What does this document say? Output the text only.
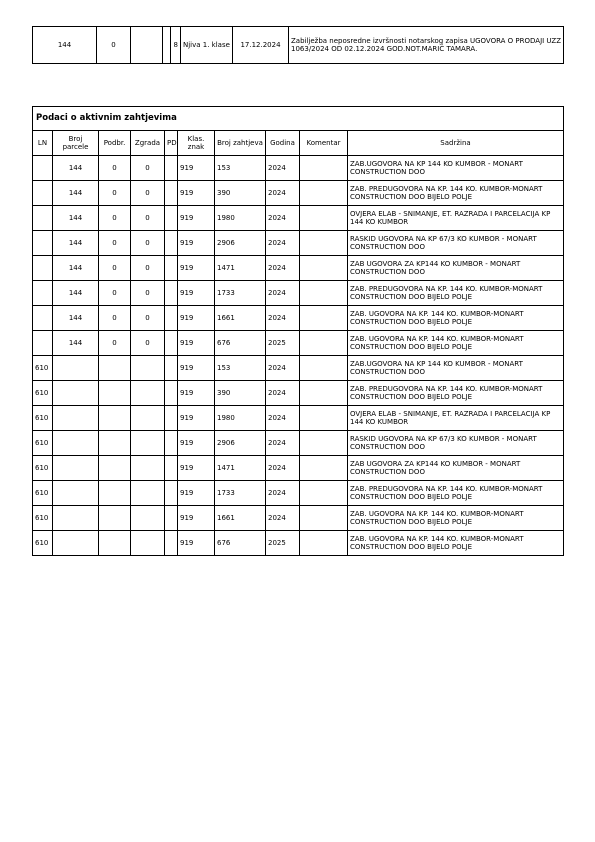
144	0			8	Njiva 1. klase	17.12.2024	Zabilježba neposredne izvršnosti notarskog zapisa UGOVORA O PRODAJI UZZ 1063/2024 OD 02.12.2024 GOD.NOT.MARIĆ TAMARA.
Podaci o aktivnim zahtjevima
LN	Broj parcele	Podbr.	Zgrada	PD	Klas. znak	Broj zahtjeva	Godina	Komentar	Sadržina
	144	0	0		919	153	2024		ZAB.UGOVORA NA KP 144 KO KUMBOR - MONART CONSTRUCTION DOO
	144	0	0		919	390	2024		ZAB. PREDUGOVORA NA KP. 144 KO. KUMBOR-MONART CONSTRUCTION DOO BIJELO POLJE
	144	0	0		919	1980	2024		OVJERA ELAB - SNIMANJE, ET. RAZRADA I PARCELACIJA KP 144 KO KUMBOR
	144	0	0		919	2906	2024		RASKID UGOVORA NA KP 67/3 KO KUMBOR - MONART CONSTRUCTION DOO
	144	0	0		919	1471	2024		ZAB UGOVORA ZA KP144 KO KUMBOR - MONART CONSTRUCTION DOO
	144	0	0		919	1733	2024		ZAB. PREDUGOVORA NA KP. 144 KO. KUMBOR-MONART CONSTRUCTION DOO BIJELO POLJE
	144	0	0		919	1661	2024		ZAB. UGOVORA NA KP. 144 KO. KUMBOR-MONART CONSTRUCTION DOO BIJELO POLJE
	144	0	0		919	676	2025		ZAB. UGOVORA NA KP. 144 KO. KUMBOR-MONART CONSTRUCTION DOO BIJELO POLJE
610					919	153	2024		ZAB.UGOVORA NA KP 144 KO KUMBOR - MONART CONSTRUCTION DOO
610					919	390	2024		ZAB. PREDUGOVORA NA KP. 144 KO. KUMBOR-MONART CONSTRUCTION DOO BIJELO POLJE
610					919	1980	2024		OVJERA ELAB - SNIMANJE, ET. RAZRADA I PARCELACIJA KP 144 KO KUMBOR
610					919	2906	2024		RASKID UGOVORA NA KP 67/3 KO KUMBOR - MONART CONSTRUCTION DOO
610					919	1471	2024		ZAB UGOVORA ZA KP144 KO KUMBOR - MONART CONSTRUCTION DOO
610					919	1733	2024		ZAB. PREDUGOVORA NA KP. 144 KO. KUMBOR-MONART CONSTRUCTION DOO BIJELO POLJE
610					919	1661	2024		ZAB. UGOVORA NA KP. 144 KO. KUMBOR-MONART CONSTRUCTION DOO BIJELO POLJE
610					919	676	2025		ZAB. UGOVORA NA KP. 144 KO. KUMBOR-MONART CONSTRUCTION DOO BIJELO POLJE
